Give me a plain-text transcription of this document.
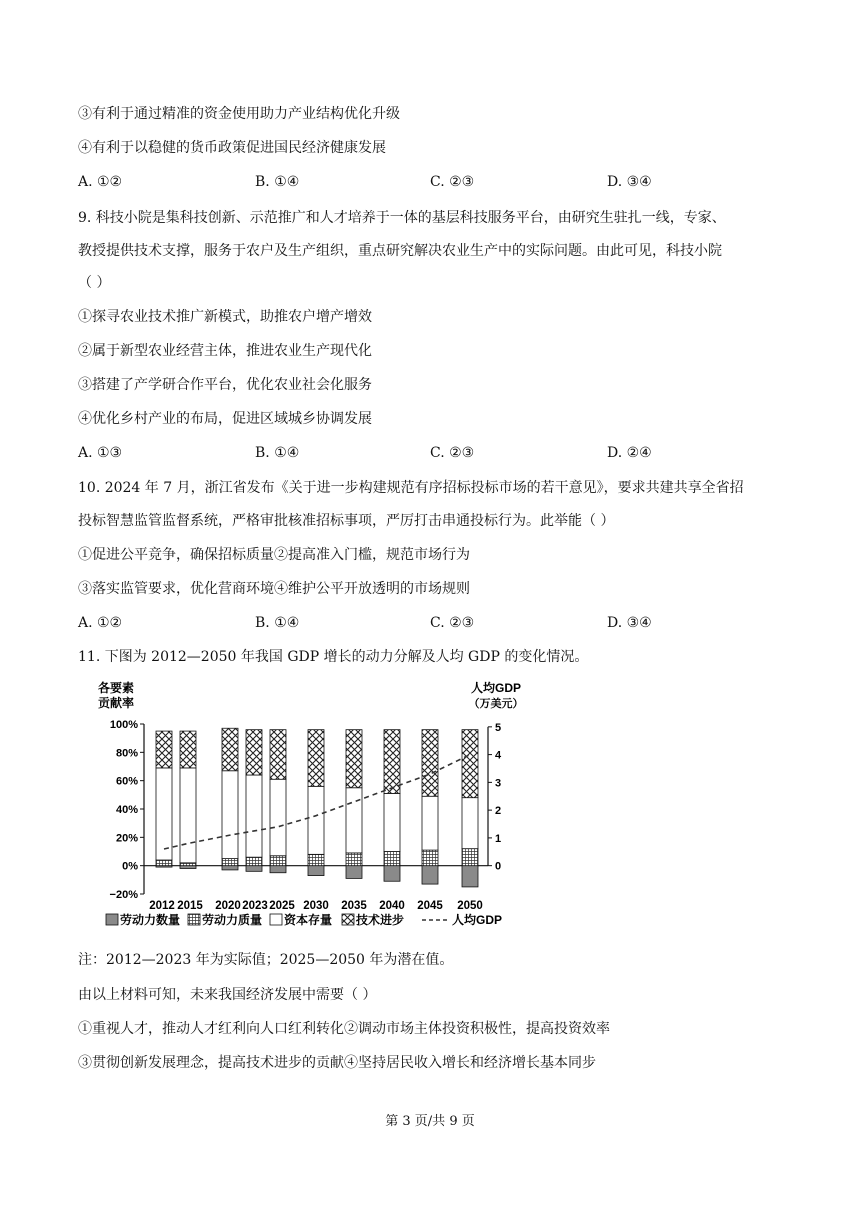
③有利于通过精准的资金使用助力产业结构优化升级
④有利于以稳健的货币政策促进国民经济健康发展
A. ①②	B. ①④	C. ②③	D. ③④
9. 科技小院是集科技创新、示范推广和人才培养于一体的基层科技服务平台，由研究生驻扎一线，专家、
教授提供技术支撑，服务于农户及生产组织，重点研究解决农业生产中的实际问题。由此可见，科技小院
（ ）
①探寻农业技术推广新模式，助推农户增产增效
②属于新型农业经营主体，推进农业生产现代化
③搭建了产学研合作平台，优化农业社会化服务
④优化乡村产业的布局，促进区域城乡协调发展
A. ①③	B. ①④	C. ②③	D. ②④
10. 2024 年 7 月，浙江省发布《关于进一步构建规范有序招标投标市场的若干意见》，要求共建共享全省招
投标智慧监管监督系统，严格审批核准招标事项，严厉打击串通投标行为。此举能（ ）
①促进公平竞争，确保招标质量②提高准入门槛，规范市场行为
③落实监管要求，优化营商环境④维护公平开放透明的市场规则
A. ①②	B. ①④	C. ②③	D. ③④
11. 下图为 2012—2050 年我国 GDP 增长的动力分解及人均 GDP 的变化情况。
各要素
贡献率
人均GDP
（万美元）
100%
80%
60%
40%
20%
0%
−20%
5
4
3
2
1
0
2012 2015 2020 2023 2025 2030 2035 2040 2045 2050
劳动力数量 劳动力质量 资本存量 技术进步	人均GDP
注：2012—2023 年为实际值；2025—2050 年为潜在值。
由以上材料可知，未来我国经济发展中需要（ ）
①重视人才，推动人才红利向人口红利转化②调动市场主体投资积极性，提高投资效率
③贯彻创新发展理念，提高技术进步的贡献④坚持居民收入增长和经济增长基本同步
第 3 页/共 9 页
